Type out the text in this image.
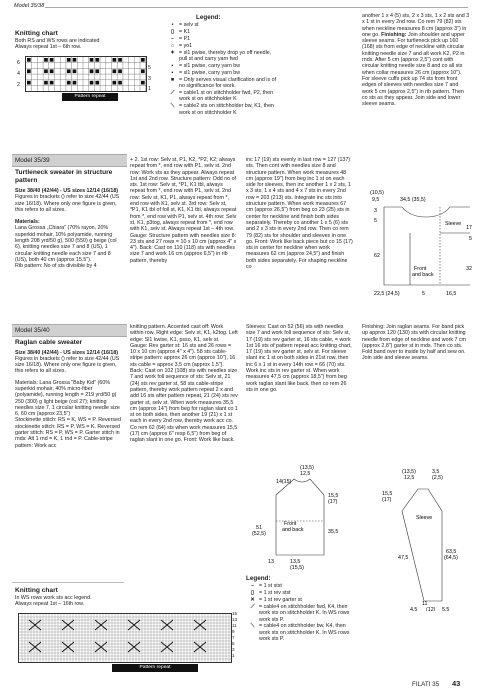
Model 35/38
Knitting chart
Both RS and WS rows are indicated
Always repeat 1st – 6th row.
6
4
2
5
3
1
Pattern repeat
Legend:
•	= selv st
▯ = K1
– = P1
○ = yo1
✦ = sl1 pwise, thereby drop yo off needle, pull st and carry yarn fwd
▪	= sl1 pwise, carry yarn bw
▪	= sl1 pwise, carry yarn bw
■ = Only serves visual clarification and is of no significance for work.
⟋ = cable1 st on stitchholder fwd, P2, then work st on stitchholder K
⟍ = cable2 sts on stitchholder bw, K1, then work st on stitchholder K
another 1 x 4 (5) sts, 2 x 3 sts, 1 x 2 sts and 3 x 1 st in every 2nd row. Co rem 79 (82) sts when neckline measures 8 cm (approx 3") in one go. Finishing: Join shoulder and upper sleeve seams. For turtleneck pick up 160 (168) sts from edge of neckline with circular knitting needle size 7 and alt work K2, P2 in rnds. After 5 cm (approx 2,5") cont with circular knitting needle size 8 and co all sts when collar measures 26 cm (approx 10"). For sleeve cuffs pick up 74 sts from front edges of sleeves with needles size 7 and work 5 cm (approx 2,5") in rib pattern. Then co sts as they appear. Join side and lower sleeve seams.
Model 35/39
Turtleneck sweater in structure pattern
Size 38/40 (42/44) - US sizes 12/14 (16/18)
Figures in brackets () refer to size 42/44 (US size 16/18). Where only one figure is given, this refers to all sizes.
Materials:
Lana Grossa „Chiara" (70% rayon, 20% superkid mohair, 10% polyamide, running length 208 yrd/50 g), 500 (550) g beige (col 6), knitting needles size 7 and 8 (US), 1 circular knitting needle each size 7 and 8 (US), both 40 cm (approx 15.5").
Rib pattern: No of sts divisible by 4
+ 2. 1st row: Selv st, P1, K2, *P2, K2; always repeat from *, end row with P1, selv st. 2nd row: Work sts as they appear. Always repeat 1st and 2nd row. Structure pattern: Odd no of sts. 1st row: Selv st, *P1, K1 tbl, always repeat from *, end row with P1, selv st. 2nd row: Selv st, K1, P1, always repeat from *, end row with K1, selv st. 3rd row: Selv st, *P1, K1 tbl of foll st, K1, K1 tbl, always repeat from *, end row with P1, selv st. 4th row: Selv st, K1, p3tog, always repeat from *, end row with K1, selv st. Always repeat 1st – 4th row. Gauge: Structure pattern with needles size 8: 23 sts and 27 rows = 10 x 10 cm (approx 4" x 4"). Back: Cast on 110 (118) sts with needles size 7 and work 16 cm (approx 6,5") in rib pattern, thereby
inc 17 (19) sts evenly in last row = 127 (137) sts. Then cont with needles size 8 and structure pattern. When work measures 48 cm (approx 19") from beg inc 1 st on each side for sleeves, then inc another 1 x 2 sts, 1 x 3 sts, 1 x 4 sts and 4 x 7 sts in every 2nd row = 203 (213) sts. Integrate inc sts into structure pattern. When work measures 67 cm (approx 26,5") from beg co 23 (25) sts in center for neckline and finish both sides separately. Thereby co another 1 x 5 (6) sts and 2 x 3 sts in every 2nd row. Then co rem 79 (82) sts for shoulder and sleeves in one go. Front: Work like back piece but co 15 (17) sts in center for neckline when work measures 62 cm (approx 24,5") and finish both sides separately. For shaping neckline co
(10,5)
9,5	34,5 (35,5)
3
5
17
5
32
62
Sleeve
Front
and back
22,5 (24,5)	5	16,5
Model 35/40
Raglan cable sweater
Size 38/40 (42/44) - US sizes 12/14 (16/18)
Figures in brackets () refer to size 42/44 (US size 16/18). Where only one figure is given, this refers to all sizes.
Materials: Lana Grossa "Baby Kid" (60% superkid mohair, 40% micro-fiber (polyamide), running length = 219 yrd/50 g) 250 (300) g light beige (col 27); knitting needles size 7, 1 circular knitting needle size 6, 60 cm (approx 23,5")
Stockinette stitch: RS = K, WS = P. Reversed stockinette stitch: RS = P, WS = K. Reversed garter stitch: RS = P, WS = P. Garter stitch in rnds: Alt 1 rnd = K, 1 rnd = P. Cable-stripe pattern: Work acc
knitting pattern. Accented cast off: Work within row. Right edge: Selv st, K1, k2tog. Left edge: Sl1 kwise, K1, psso, K1, selv st. Gauge: Rev garter st: 16 sts and 26 rows = 10 x 10 cm (approx 4" x 4"). 58 sts cable-stripe pattern: approx 26 cm (approx 10"), 16 sts cable = approx 3,5 cm (approx 1,5"). Back: Cast on 102 (108) sts with needles size 7 and work foll sequence of sts: Selv st, 21 (24) sts rev garter st, 58 sts cable-stripe pattern, thereby work pattern repeat 2 x and add 16 sts after pattern repeat, 21 (24) sts rev garter st, selv st. When work measures 35,5 cm (approx 14") from beg for raglan slant co 1 st on both sides, then another 19 (21) x 1 st each in every 2nd row, thereby work acc co. Co rem 62 (64) sts when work measures 15,5 (17) cm (approx 6" resp 6,5") from beg of raglan slant in one go. Front: Work like back.
Sleeves: Cast on 52 (56) sts with needles size 7 and work foll sequence of sts: Selv st, 17 (19) sts rev garter st, 16 sts cable, = work 1st 16 sts of pattern repeat acc knitting chart, 17 (19) sts rev garter st, selv st. For sleeve slant inc 1 st on both sides in 21st row, then inc 6 x 1 st in every 14th row = 66 (70) sts. Work inc sts in rev garter st. When work measures 47,5 cm (approx 18,5") from beg work raglan slant like back, then co rem 26 sts in one go.
Finishing: Join raglan seams. For band pick up approx 120 (130) sts with circular knitting needle from edge of neckline and work 7 cm (approx 2,8") garter st in rnds. Then co sts. Fold band over to inside by half and sew on. Join side and sleeve seams.
(13,5)
12,5
14(15)
15,5
(17)
51
(52,5)
Front
and back	35,5
13	13,5
(15,5)
(13,5)
12,5
3,5
(2,5)
15,5
(17)
Sleeve
63,5
(64,5)
47,5
11
4,5 (12) 5,5
Knitting chart
In WS rows work sts acc legend.
Always repeat 1st – 16th row.
15
13
11
9
7
5
3
1
Pattern repeat
Legend:
– = 1 st stst
▯ = 1 st rev stst
✕ = 1 st rev garter st
⟋ = cable4 on stitchholder fwd, K4, then work sts on stitchholder K. In WS rows work sts P.
⟍ = cable4 on stitchholder bw, K4, then work sts on stitchholder K. In WS rows work sts P.
FILATI 35 43
